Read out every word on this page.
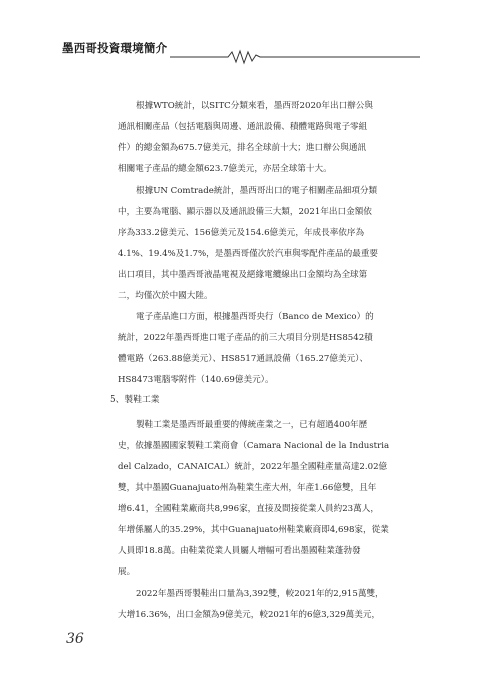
墨西哥投資環境簡介
根據WTO統計，以SITC分類來看，墨西哥2020年出口辦公與
通訊相關產品（包括電腦與周邊、通訊設備、積體電路與電子零組
件）的總金額為675.7億美元，排名全球前十大；進口辦公與通訊
相關電子產品的總金額623.7億美元，亦居全球第十大。
根據UN Comtrade統計，墨西哥出口的電子相關產品細項分類
中，主要為電腦、顯示器以及通訊設備三大類，2021年出口金額依
序為333.2億美元、156億美元及154.6億美元，年成長率依序為
4.1%、19.4%及1.7%，是墨西哥僅次於汽車與零配件產品的最重要
出口項目，其中墨西哥液晶電視及絕緣電纜線出口金額均為全球第
二，均僅次於中國大陸。
電子產品進口方面，根據墨西哥央行（Banco de Mexico）的
統計，2022年墨西哥進口電子產品的前三大項目分別是HS8542積
體電路（263.88億美元）、HS8517通訊設備（165.27億美元）、
HS8473電腦零附件（140.69億美元）。
5、製鞋工業
製鞋工業是墨西哥最重要的傳統產業之一，已有超過400年歷
史，依據墨國國家製鞋工業商會（Camara Nacional de la Industria
del Calzado，CANAICAL）統計，2022年墨全國鞋產量高達2.02億
雙，其中墨國Guanajuato州為鞋業生產大州，年產1.66億雙，且年
增6.41，全國鞋業廠商共8,996家，直接及間接從業人員約23萬人，
年增係屬人的35.29%，其中Guanajuato州鞋業廠商即4,698家，從業
人員即18.8萬。由鞋業從業人員屬人增幅可看出墨國鞋業蓬勃發
展。
2022年墨西哥製鞋出口量為3,392雙，較2021年的2,915萬雙，
大增16.36%，出口金額為9億美元，較2021年的6億3,329萬美元，
36
